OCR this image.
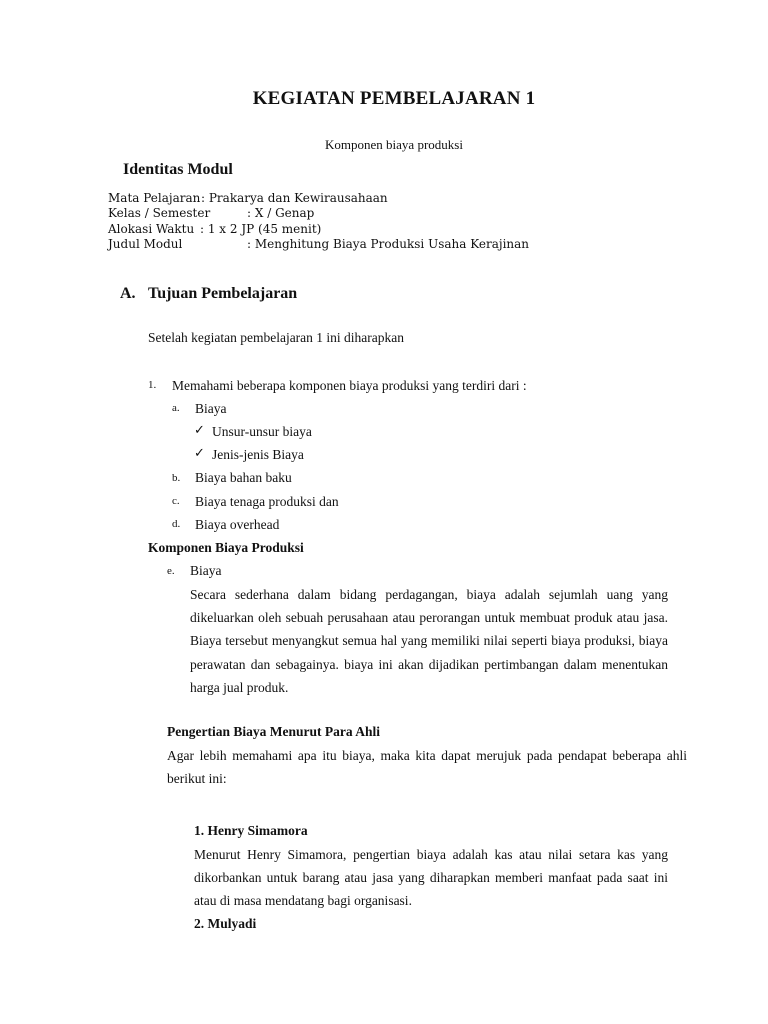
KEGIATAN PEMBELAJARAN 1
Komponen biaya produksi
Identitas Modul
Mata Pelajaran : Prakarya dan Kewirausahaan
Kelas / Semester	: X / Genap
Alokasi Waktu : 1 x 2 JP (45 menit)
Judul Modul	: Menghitung Biaya Produksi Usaha Kerajinan
A. Tujuan Pembelajaran
Setelah kegiatan pembelajaran 1 ini diharapkan
1. Memahami beberapa komponen biaya produksi yang terdiri dari :
a. Biaya
✓ Unsur-unsur biaya
✓ Jenis-jenis Biaya
b. Biaya bahan baku
c. Biaya tenaga produksi dan
d. Biaya overhead
Komponen Biaya Produksi
e. Biaya
Secara sederhana dalam bidang perdagangan, biaya adalah sejumlah uang yang dikeluarkan oleh sebuah perusahaan atau perorangan untuk membuat produk atau jasa. Biaya tersebut menyangkut semua hal yang memiliki nilai seperti biaya produksi, biaya perawatan dan sebagainya. biaya ini akan dijadikan pertimbangan dalam menentukan harga jual produk.
Pengertian Biaya Menurut Para Ahli
Agar lebih memahami apa itu biaya, maka kita dapat merujuk pada pendapat beberapa ahli berikut ini:
1. Henry Simamora
Menurut Henry Simamora, pengertian biaya adalah kas atau nilai setara kas yang dikorbankan untuk barang atau jasa yang diharapkan memberi manfaat pada saat ini atau di masa mendatang bagi organisasi.
2. Mulyadi
